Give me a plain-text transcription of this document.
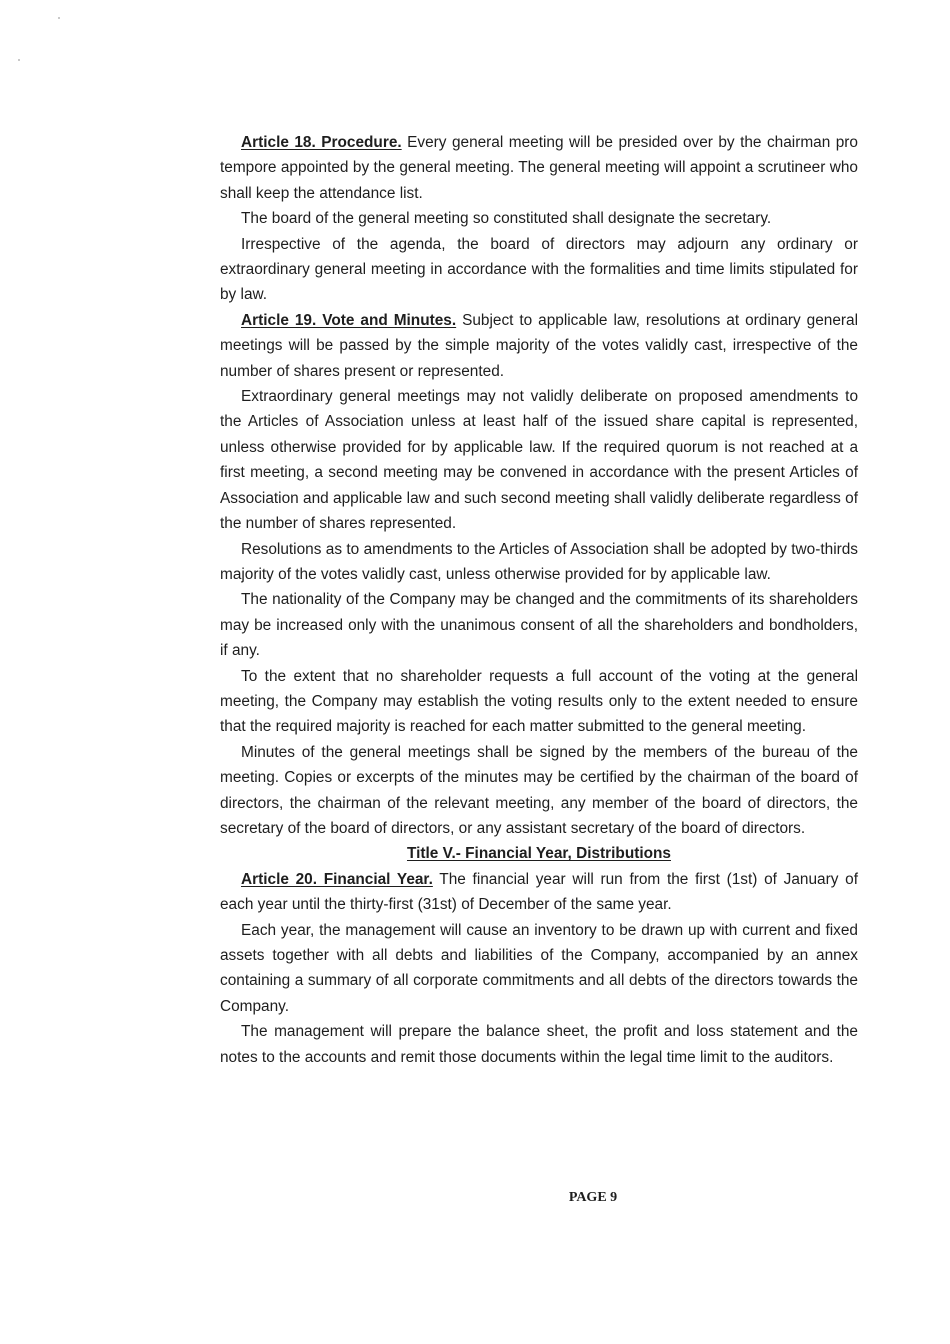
Article 18. Procedure. Every general meeting will be presided over by the chairman pro tempore appointed by the general meeting. The general meeting will appoint a scrutineer who shall keep the attendance list.

The board of the general meeting so constituted shall designate the secretary.

Irrespective of the agenda, the board of directors may adjourn any ordinary or extraordinary general meeting in accordance with the formalities and time limits stipulated for by law.

Article 19. Vote and Minutes. Subject to applicable law, resolutions at ordinary general meetings will be passed by the simple majority of the votes validly cast, irrespective of the number of shares present or represented.

Extraordinary general meetings may not validly deliberate on proposed amendments to the Articles of Association unless at least half of the issued share capital is represented, unless otherwise provided for by applicable law. If the required quorum is not reached at a first meeting, a second meeting may be convened in accordance with the present Articles of Association and applicable law and such second meeting shall validly deliberate regardless of the number of shares represented.

Resolutions as to amendments to the Articles of Association shall be adopted by two-thirds majority of the votes validly cast, unless otherwise provided for by applicable law.

The nationality of the Company may be changed and the commitments of its shareholders may be increased only with the unanimous consent of all the shareholders and bondholders, if any.

To the extent that no shareholder requests a full account of the voting at the general meeting, the Company may establish the voting results only to the extent needed to ensure that the required majority is reached for each matter submitted to the general meeting.

Minutes of the general meetings shall be signed by the members of the bureau of the meeting. Copies or excerpts of the minutes may be certified by the chairman of the board of directors, the chairman of the relevant meeting, any member of the board of directors, the secretary of the board of directors, or any assistant secretary of the board of directors.

Title V.- Financial Year, Distributions

Article 20. Financial Year. The financial year will run from the first (1st) of January of each year until the thirty-first (31st) of December of the same year.

Each year, the management will cause an inventory to be drawn up with current and fixed assets together with all debts and liabilities of the Company, accompanied by an annex containing a summary of all corporate commitments and all debts of the directors towards the Company.

The management will prepare the balance sheet, the profit and loss statement and the notes to the accounts and remit those documents within the legal time limit to the auditors.

PAGE 9
